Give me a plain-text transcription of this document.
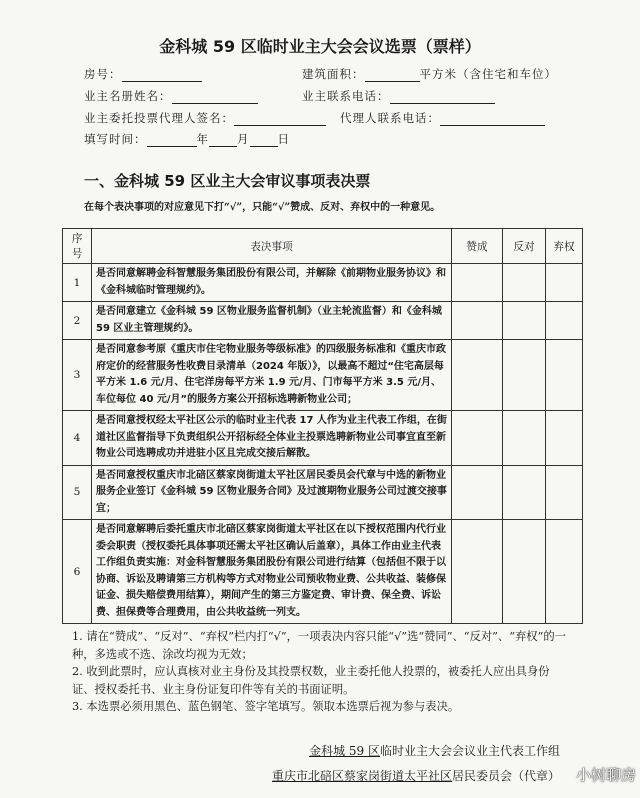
金科城 59 区临时业主大会会议选票（票样）
房号：	建筑面积：	平方米（含住宅和车位）
业主名册姓名：	业主联系电话：
业主委托投票代理人签名：	代理人联系电话：
填写时间：	年 月 日
一、金科城 59 区业主大会审议事项表决票
在每个表决事项的对应意见下打“√”，只能“√”赞成、反对、弃权中的一种意见。
序号	表决事项	赞成	反对	弃权
1	是否同意解聘金科智慧服务集团股份有限公司，并解除《前期物业服务协议》和《金科城临时管理规约》。			
2	是否同意建立《金科城 59 区物业服务监督机制》（业主轮流监督）和《金科城 59 区业主管理规约》。			
3	是否同意参考原《重庆市住宅物业服务等级标准》的四级服务标准和《重庆市政府定价的经营服务性收费目录清单（2024 年版）》，以最高不超过“住宅高层每平方米 1.6 元/月、住宅洋房每平方米 1.9 元/月、门市每平方米 3.5 元/月、车位每位 40 元/月”的服务方案公开招标选聘新物业公司；			
4	是否同意授权经太平社区公示的临时业主代表 17 人作为业主代表工作组，在街道社区监督指导下负责组织公开招标经全体业主投票选聘新物业公司事宜直至新物业公司选聘成功并进驻小区且完成交接后解散。			
5	是否同意授权重庆市北碚区蔡家岗街道太平社区居民委员会代章与中选的新物业服务企业签订《金科城 59 区物业服务合同》及过渡期物业服务公司过渡交接事宜；			
6	是否同意解聘后委托重庆市北碚区蔡家岗街道太平社区在以下授权范围内代行业委会职责（授权委托具体事项还需太平社区确认后盖章），具体工作由业主代表工作组负责实施：对金科智慧服务集团股份有限公司进行结算（包括但不限于以协商、诉讼及聘请第三方机构等方式对物业公司预收物业费、公共收益、装修保证金、损失赔偿费用结算），期间产生的第三方鉴定费、审计费、保全费、诉讼费、担保费等合理费用，由公共收益统一列支。			
1. 请在“赞成”、“反对”、“弃权”栏内打“√”，一项表决内容只能“√”选“赞同”、“反对”、“弃权”的一种，多选或不选、涂改均视为无效；
2. 收到此票时，应认真核对业主身份及其投票权数，业主委托他人投票的，被委托人应出具身份证、授权委托书、业主身份证复印件等有关的书面证明。
3. 本选票必须用黑色、蓝色钢笔、签字笔填写。领取本选票后视为参与表决。
金科城 59 区临时业主大会会议业主代表工作组
重庆市北碚区蔡家岗街道太平社区居民委员会（代章） 小树聊房
